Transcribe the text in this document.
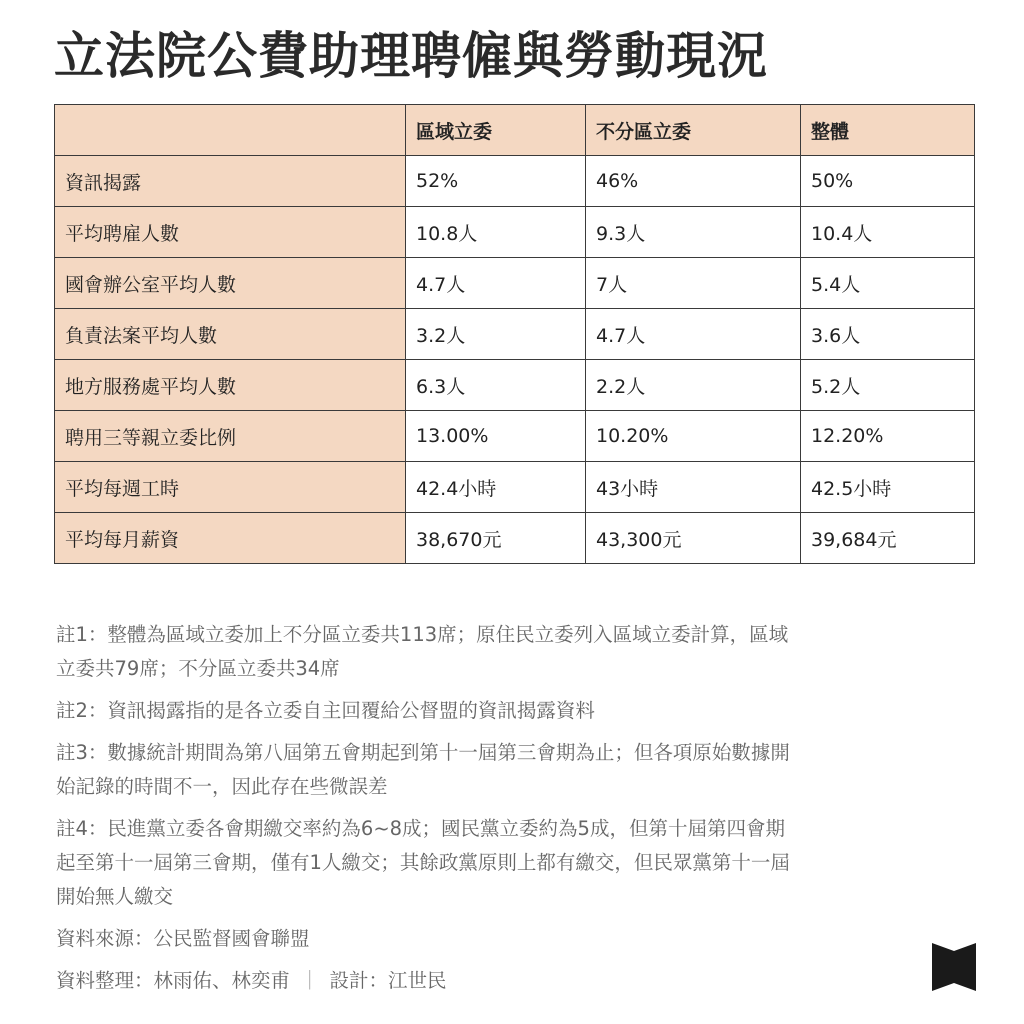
立法院公費助理聘僱與勞動現況
	區域立委	不分區立委	整體
資訊揭露	52%	46%	50%
平均聘雇人數	10.8人	9.3人	10.4人
國會辦公室平均人數	4.7人	7人	5.4人
負責法案平均人數	3.2人	4.7人	3.6人
地方服務處平均人數	6.3人	2.2人	5.2人
聘用三等親立委比例	13.00%	10.20%	12.20%
平均每週工時	42.4小時	43小時	42.5小時
平均每月薪資	38,670元	43,300元	39,684元

註1：整體為區域立委加上不分區立委共113席；原住民立委列入區域立委計算，區域
立委共79席；不分區立委共34席

註2：資訊揭露指的是各立委自主回覆給公督盟的資訊揭露資料

註3：數據統計期間為第八屆第五會期起到第十一屆第三會期為止；但各項原始數據開
始記錄的時間不一，因此存在些微誤差

註4：民進黨立委各會期繳交率約為6~8成；國民黨立委約為5成，但第十屆第四會期
起至第十一屆第三會期，僅有1人繳交；其餘政黨原則上都有繳交，但民眾黨第十一屆
開始無人繳交

資料來源：公民監督國會聯盟

資料整理：林雨佑、林奕甫 ｜ 設計：江世民
